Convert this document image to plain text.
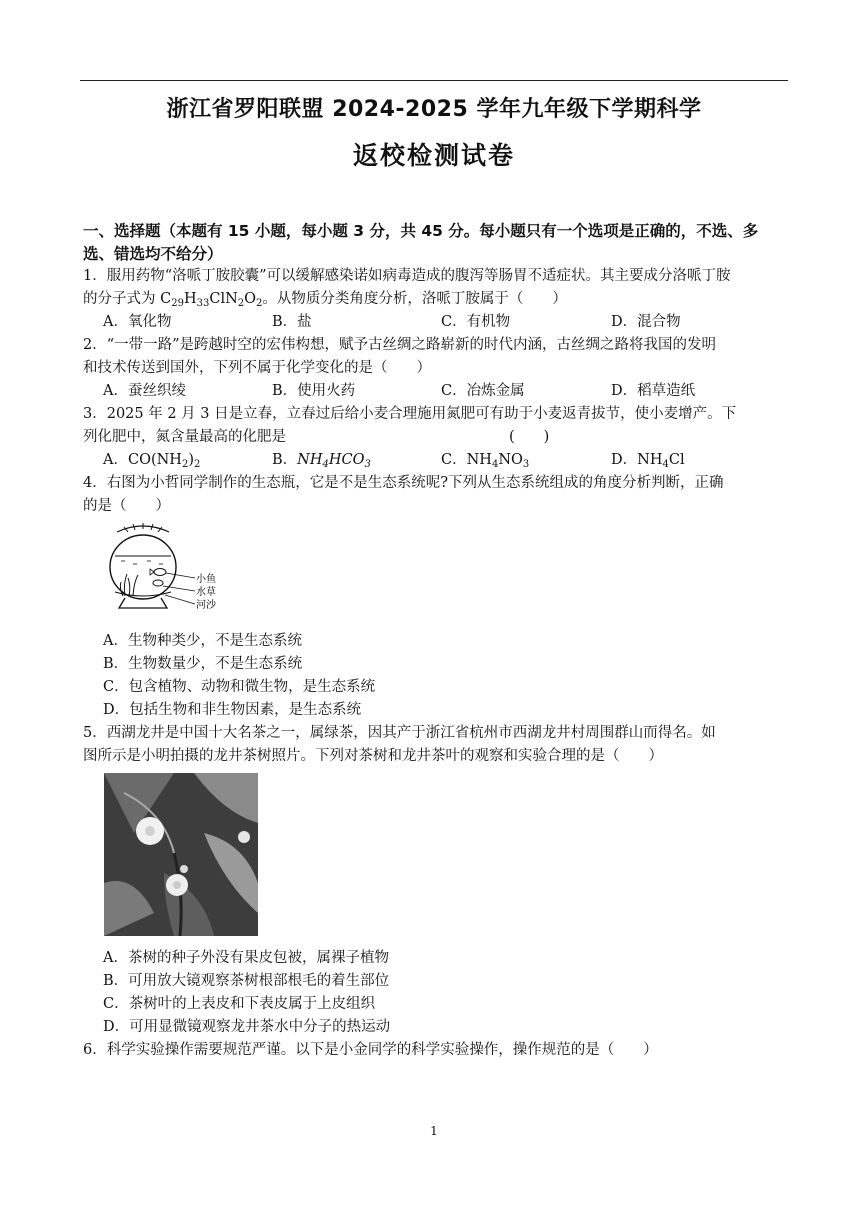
浙江省罗阳联盟 2024-2025 学年九年级下学期科学
返校检测试卷
一、选择题（本题有 15 小题，每小题 3 分，共 45 分。每小题只有一个选项是正确的，不选、多选、错选均不给分）
1．服用药物“洛哌丁胺胶囊”可以缓解感染诺如病毒造成的腹泻等肠胃不适症状。其主要成分洛哌丁胺
的分子式为 $C_{29}H_{33}ClN_2O_2$。从物质分类角度分析，洛哌丁胺属于（　　）
A．氧化物	B．盐	C．有机物	D．混合物
2．“一带一路”是跨越时空的宏伟构想，赋予古丝绸之路崭新的时代内涵，古丝绸之路将我国的发明
和技术传送到国外，下列不属于化学变化的是（　　）
A．蚕丝织绫	B．使用火药	C．冶炼金属	D．稻草造纸
3．2025 年 2 月 3 日是立春，立春过后给小麦合理施用氮肥可有助于小麦返青拔节，使小麦增产。下
列化肥中，氮含量最高的化肥是	(　　)
A．$CO(NH_2)_2$	B．$NH_4HCO_3$	C．$NH_4NO_3$	D．$NH_4Cl$
4．右图为小哲同学制作的生态瓶，它是不是生态系统呢?下列从生态系统组成的角度分析判断，正确
的是（　　）
小鱼
水草
河沙
A．生物种类少，不是生态系统
B．生物数量少，不是生态系统
C．包含植物、动物和微生物，是生态系统
D．包括生物和非生物因素，是生态系统
5．西湖龙井是中国十大名茶之一，属绿茶，因其产于浙江省杭州市西湖龙井村周围群山而得名。如
图所示是小明拍摄的龙井茶树照片。下列对茶树和龙井茶叶的观察和实验合理的是（　　）
A．茶树的种子外没有果皮包被，属裸子植物
B．可用放大镜观察茶树根部根毛的着生部位
C．茶树叶的上表皮和下表皮属于上皮组织
D．可用显微镜观察龙井茶水中分子的热运动
6．科学实验操作需要规范严谨。以下是小金同学的科学实验操作，操作规范的是（　　）
1
